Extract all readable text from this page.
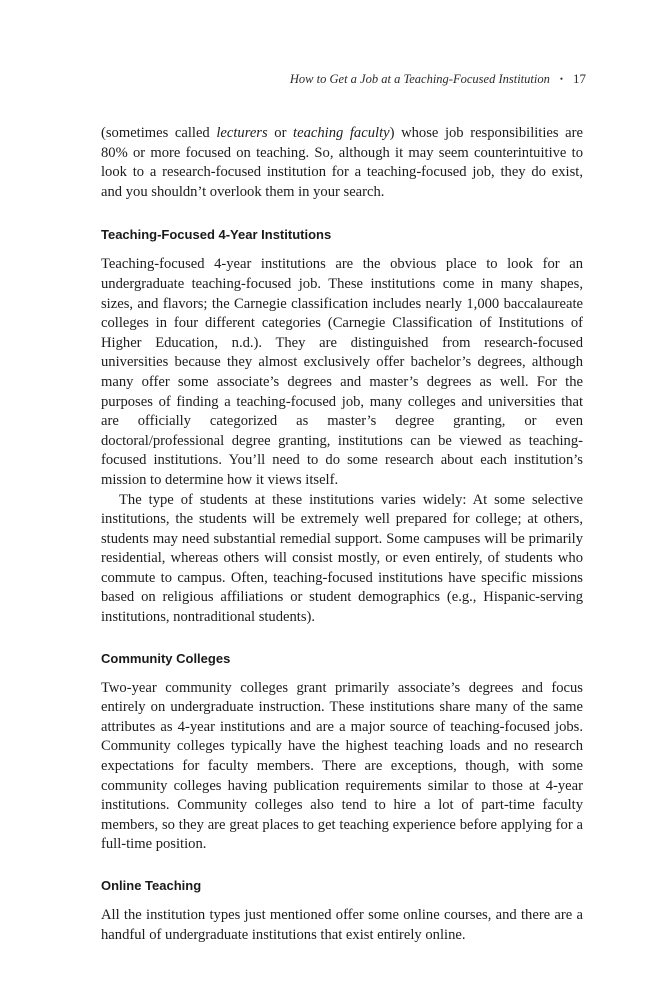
How to Get a Job at a Teaching-Focused Institution • 17

(sometimes called lecturers or teaching faculty) whose job responsibilities are 80% or more focused on teaching. So, although it may seem counterintuitive to look to a research-focused institution for a teaching-focused job, they do exist, and you shouldn’t overlook them in your search.

Teaching-Focused 4-Year Institutions

Teaching-focused 4-year institutions are the obvious place to look for an undergraduate teaching-focused job. These institutions come in many shapes, sizes, and flavors; the Carnegie classification includes nearly 1,000 baccalaureate colleges in four different categories (Carnegie Classification of Institutions of Higher Education, n.d.). They are distinguished from research-focused universities because they almost exclusively offer bachelor’s degrees, although many offer some associate’s degrees and master’s degrees as well. For the purposes of finding a teaching-focused job, many colleges and universities that are officially categorized as master’s degree granting, or even doctoral/professional degree granting, institutions can be viewed as teaching-focused institutions. You’ll need to do some research about each institution’s mission to determine how it views itself.

The type of students at these institutions varies widely: At some selective institutions, the students will be extremely well prepared for college; at others, students may need substantial remedial support. Some campuses will be primarily residential, whereas others will consist mostly, or even entirely, of students who commute to campus. Often, teaching-focused institutions have specific missions based on religious affiliations or student demographics (e.g., Hispanic-serving institutions, nontraditional students).

Community Colleges

Two-year community colleges grant primarily associate’s degrees and focus entirely on undergraduate instruction. These institutions share many of the same attributes as 4-year institutions and are a major source of teaching-focused jobs. Community colleges typically have the highest teaching loads and no research expectations for faculty members. There are exceptions, though, with some community colleges having publication requirements similar to those at 4-year institutions. Community colleges also tend to hire a lot of part-time faculty members, so they are great places to get teaching experience before applying for a full-time position.

Online Teaching

All the institution types just mentioned offer some online courses, and there are a handful of undergraduate institutions that exist entirely online.
